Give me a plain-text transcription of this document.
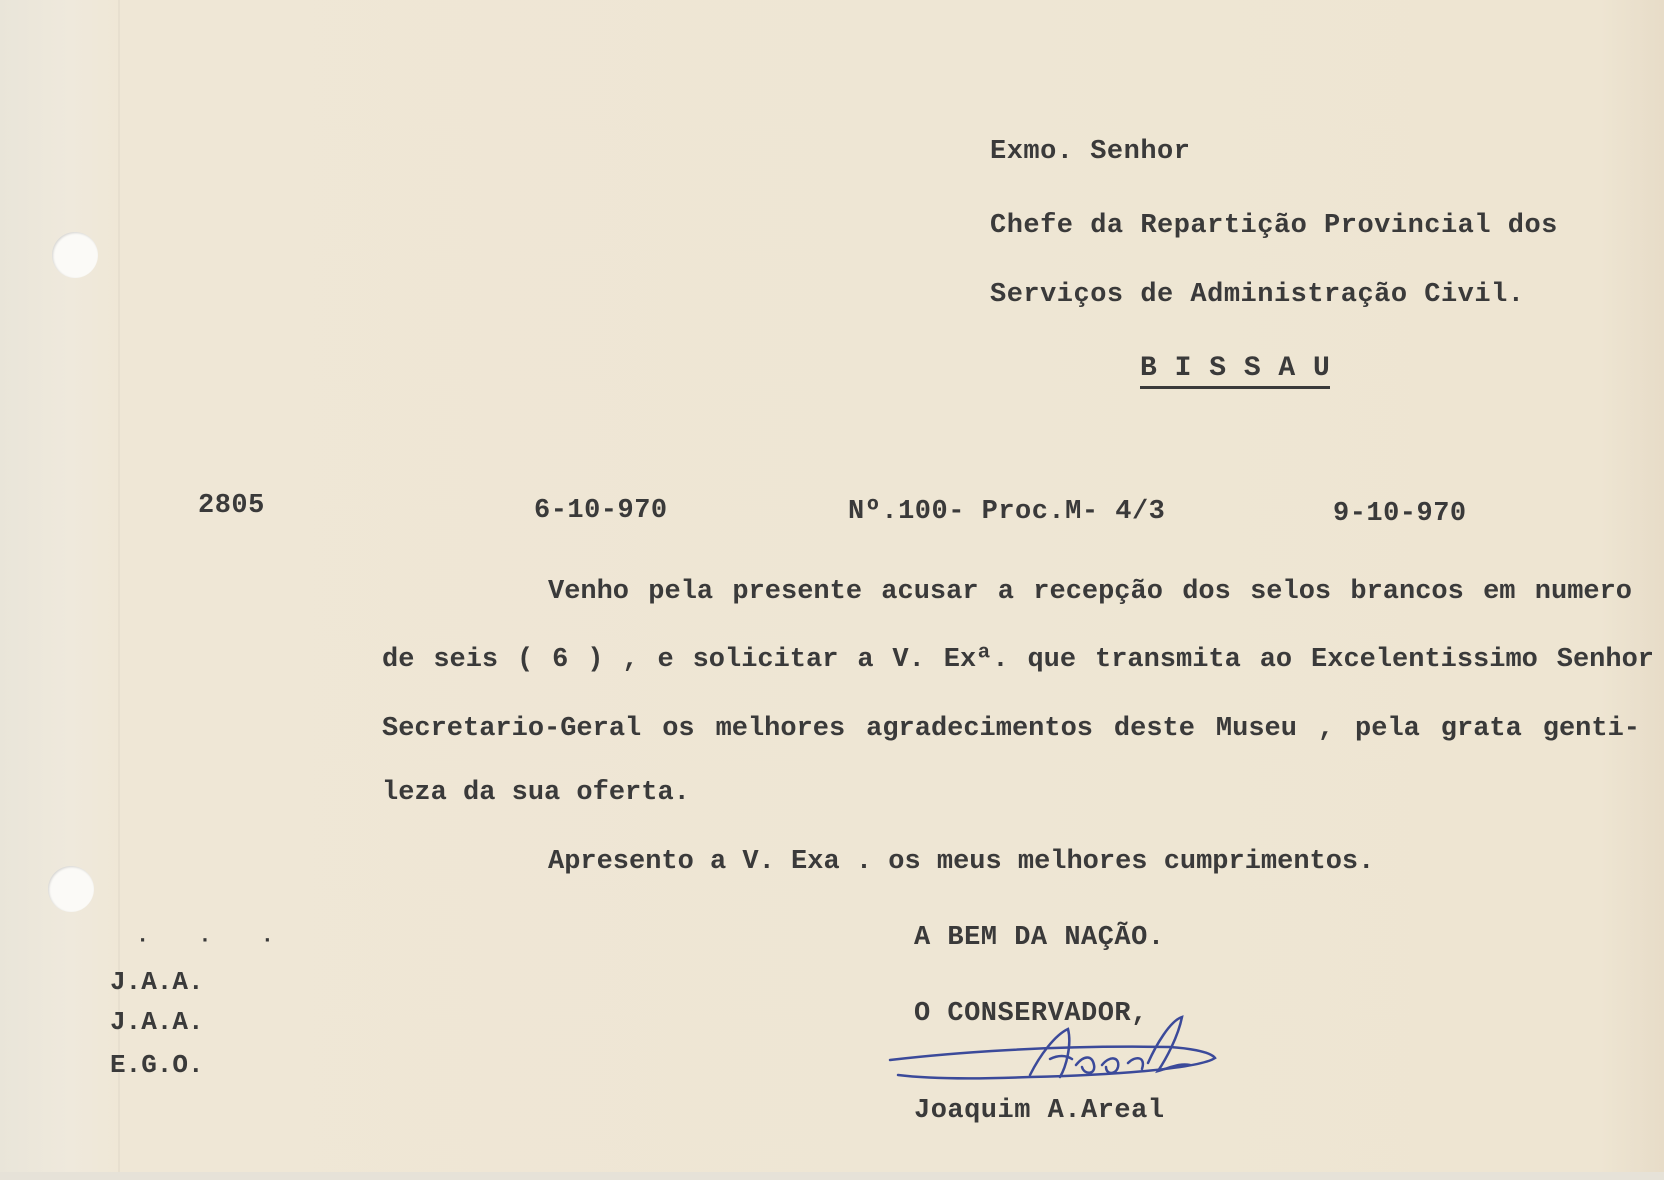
Exmo. Senhor
Chefe da Repartição Provincial dos
Serviços de Administração Civil.
B I S S A U
2805	6-10-970	Nº.100- Proc.M- 4/3	9-10-970
Venho pela presente acusar a recepção dos selos brancos em numero
de seis ( 6 ) , e solicitar a V. Exª. que transmita ao Excelentissimo Senhor
Secretario-Geral os melhores agradecimentos deste Museu , pela grata genti-
leza da sua oferta.
Apresento a V. Exa . os meus melhores cumprimentos.
A BEM DA NAÇÃO.
O CONSERVADOR,
Joaquim A.Areal
· · ·
J.A.A.
J.A.A.
E.G.O.
